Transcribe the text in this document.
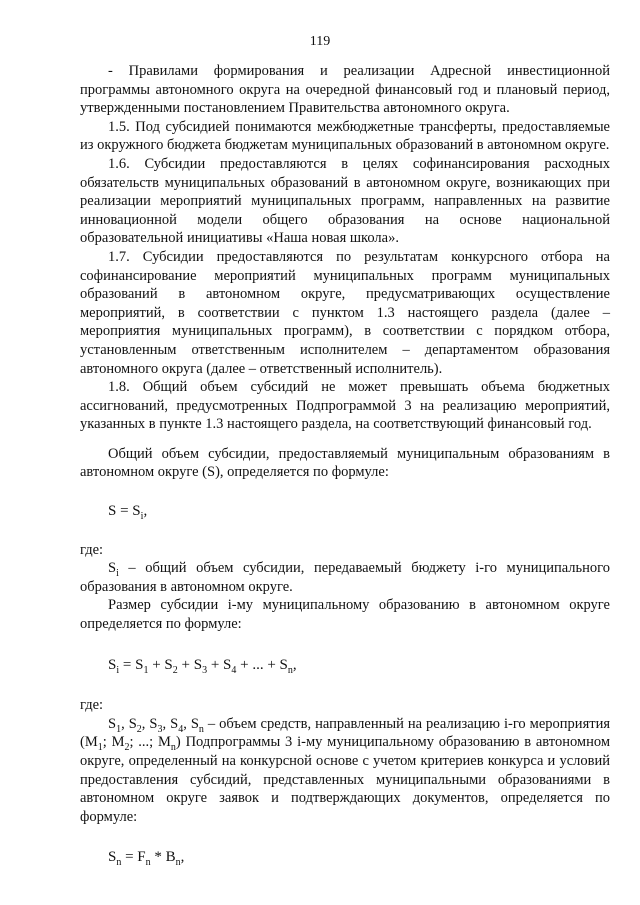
119

- Правилами формирования и реализации Адресной инвестиционной программы автономного округа на очередной финансовый год и плановый период, утвержденными постановлением Правительства автономного округа.

1.5. Под субсидией понимаются межбюджетные трансферты, предоставляемые из окружного бюджета бюджетам муниципальных образований в автономном округе.

1.6. Субсидии предоставляются в целях софинансирования расходных обязательств муниципальных образований в автономном округе, возникающих при реализации мероприятий муниципальных программ, направленных на развитие инновационной модели общего образования на основе национальной образовательной инициативы «Наша новая школа».

1.7. Субсидии предоставляются по результатам конкурсного отбора на софинансирование мероприятий муниципальных программ муниципальных образований в автономном округе, предусматривающих осуществление мероприятий, в соответствии с пунктом 1.3 настоящего раздела (далее – мероприятия муниципальных программ), в соответствии с порядком отбора, установленным ответственным исполнителем – департаментом образования автономного округа (далее – ответственный исполнитель).

1.8. Общий объем субсидий не может превышать объема бюджетных ассигнований, предусмотренных Подпрограммой 3 на реализацию мероприятий, указанных в пункте 1.3 настоящего раздела, на соответствующий финансовый год.

Общий объем субсидии, предоставляемый муниципальным образованиям в автономном округе (S), определяется по формуле:

$S = S_i$,

где:

$S_i$ – общий объем субсидии, передаваемый бюджету i-го муниципального образования в автономном округе.

Размер субсидии i-му муниципальному образованию в автономном округе определяется по формуле:

$S_i = S_1 + S_2 + S_3 + S_4$ + ... + $S_n$,

где:

$S_1$, $S_2$, $S_3$, $S_4$, $S_n$ – объем средств, направленный на реализацию i-го мероприятия ($M_1$; $M_2$; ...; $M_n$) Подпрограммы 3 i-му муниципальному образованию в автономном округе, определенный на конкурсной основе с учетом критериев конкурса и условий предоставления субсидий, представленных муниципальными образованиями в автономном округе заявок и подтверждающих документов, определяется по формуле:

$S_n = F_n * B_n$,
